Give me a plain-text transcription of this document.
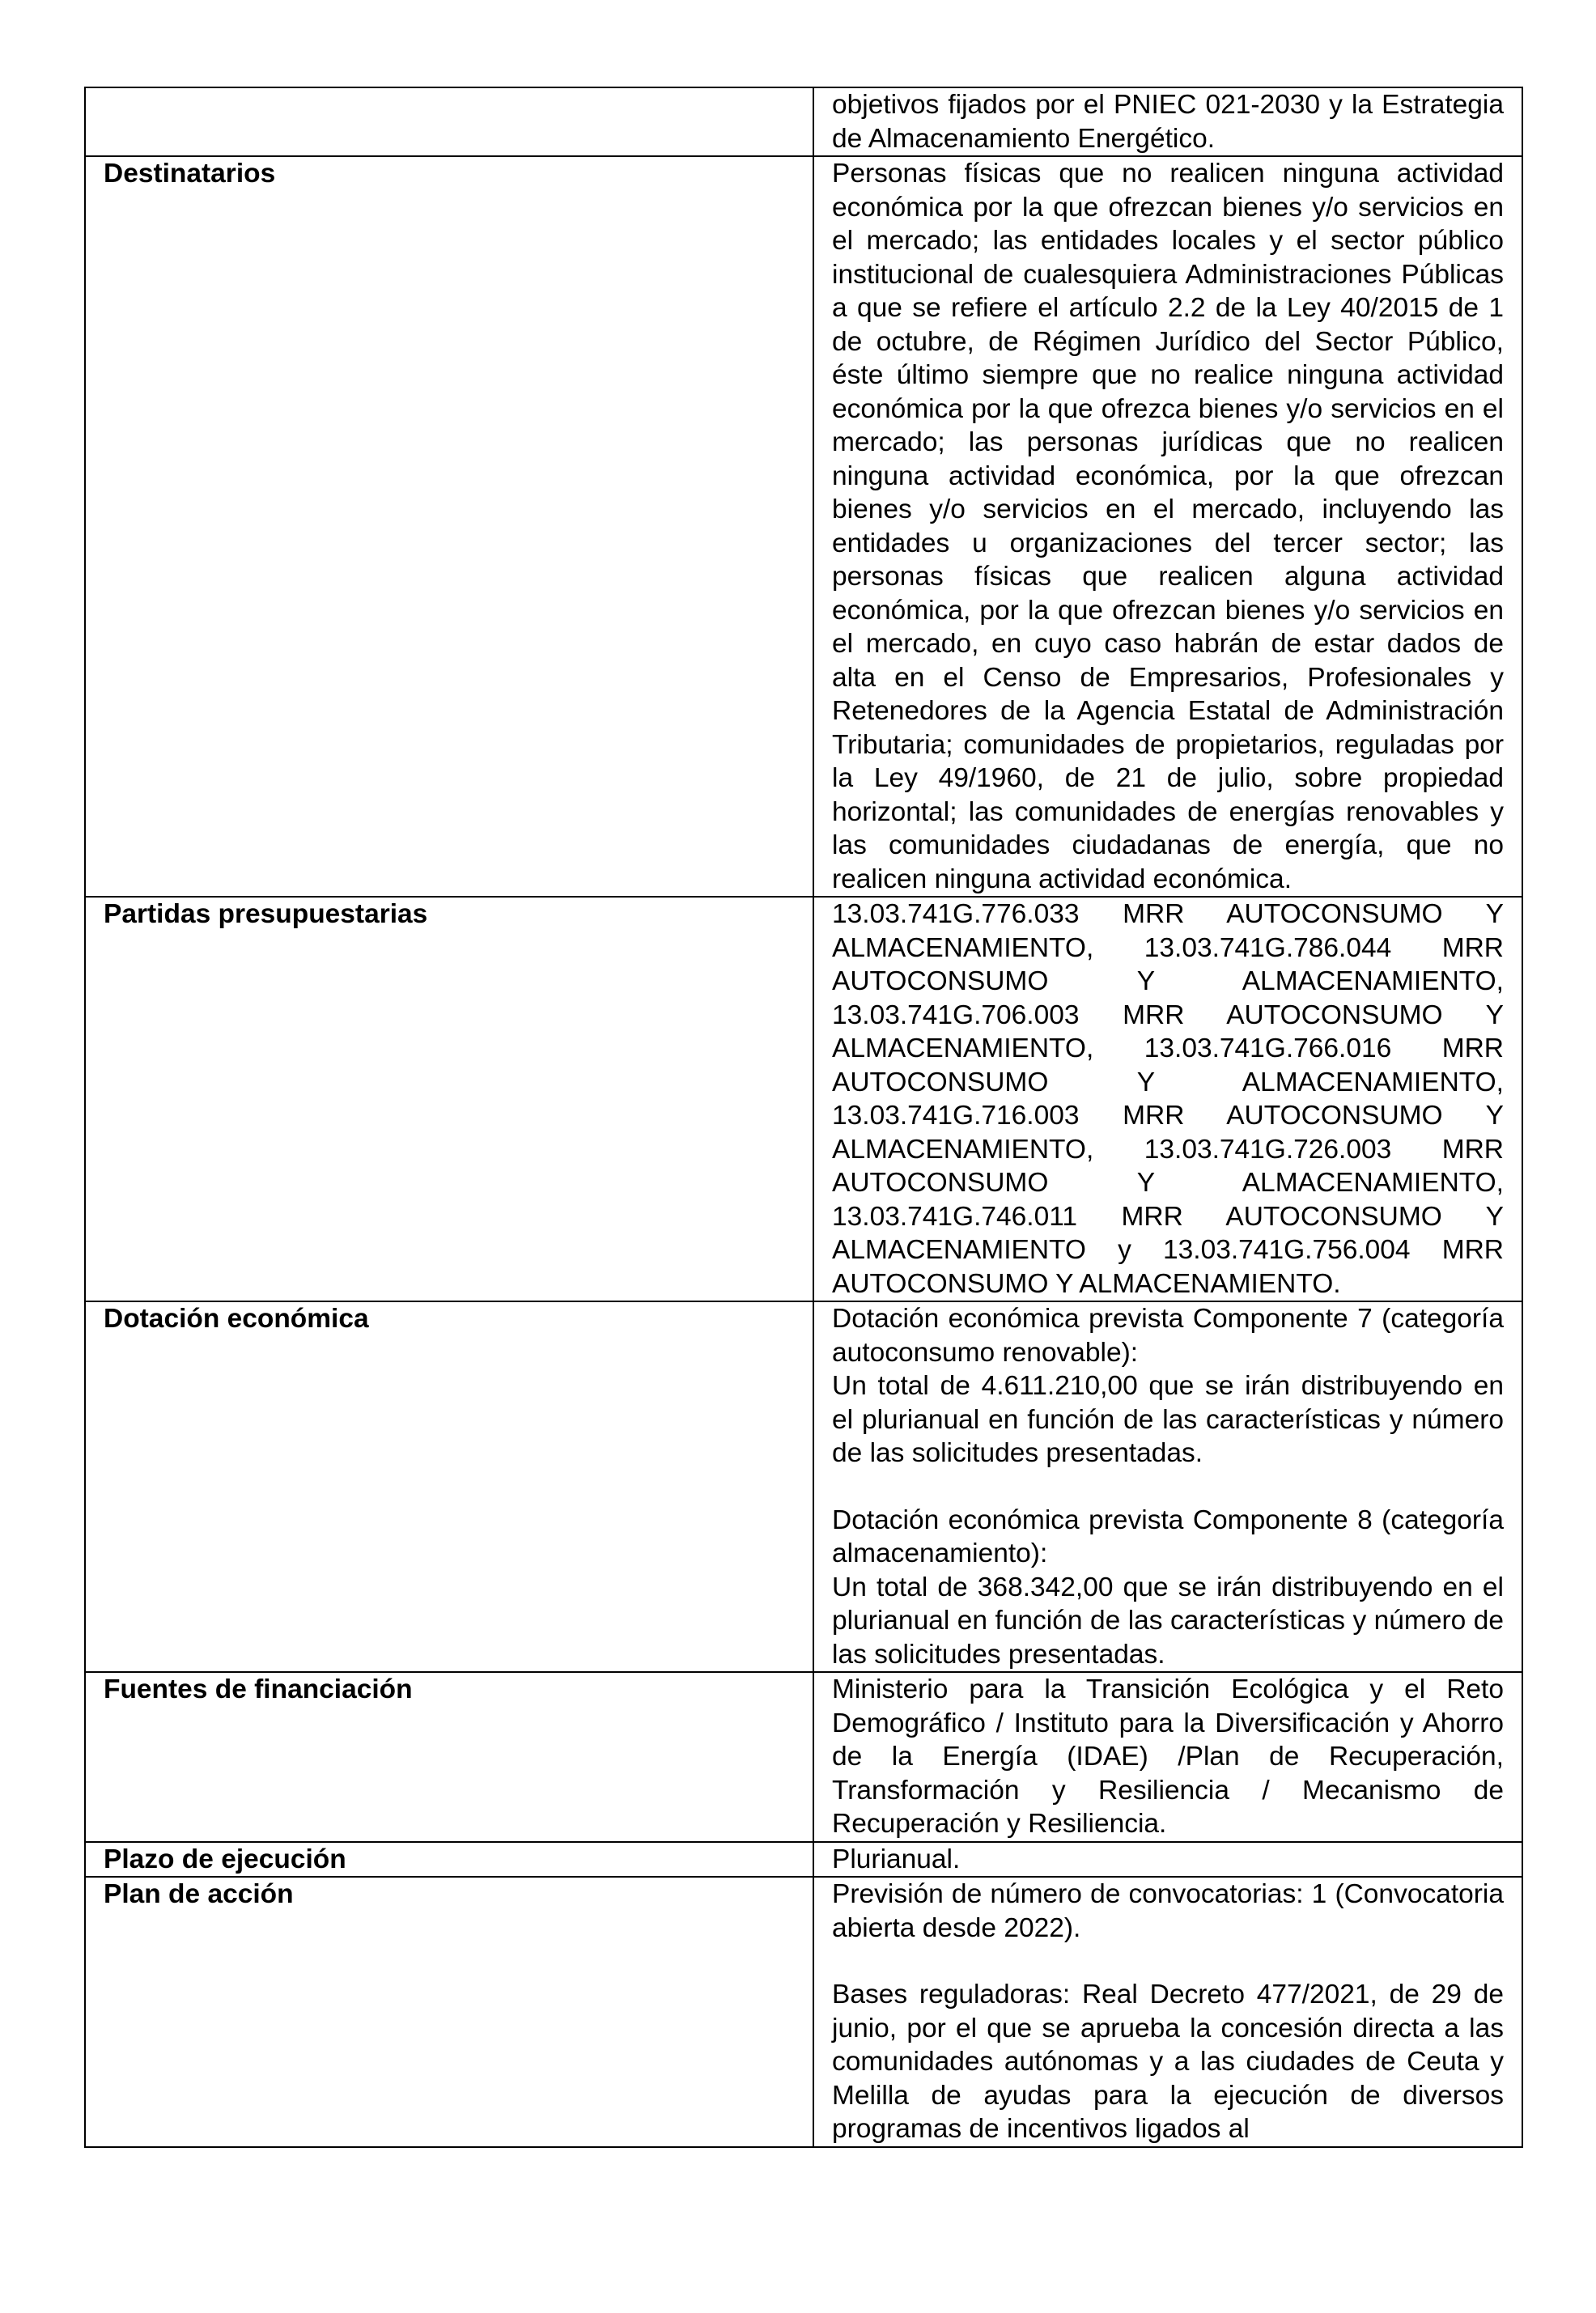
	objetivos fijados por el PNIEC 021-2030 y la Estrategia de Almacenamiento Energético.

Destinatarios	Personas físicas que no realicen ninguna actividad económica por la que ofrezcan bienes y/o servicios en el mercado; las entidades locales y el sector público institucional de cualesquiera Administraciones Públicas a que se refiere el artículo 2.2 de la Ley 40/2015 de 1 de octubre, de Régimen Jurídico del Sector Público, éste último siempre que no realice ninguna actividad económica por la que ofrezca bienes y/o servicios en el mercado; las personas jurídicas que no realicen ninguna actividad económica, por la que ofrezcan bienes y/o servicios en el mercado, incluyendo las entidades u organizaciones del tercer sector; las personas físicas que realicen alguna actividad económica, por la que ofrezcan bienes y/o servicios en el mercado, en cuyo caso habrán de estar dados de alta en el Censo de Empresarios, Profesionales y Retenedores de la Agencia Estatal de Administración Tributaria; comunidades de propietarios, reguladas por la Ley 49/1960, de 21 de julio, sobre propiedad horizontal; las comunidades de energías renovables y las comunidades ciudadanas de energía, que no realicen ninguna actividad económica.

Partidas presupuestarias	13.03.741G.776.033 MRR AUTOCONSUMO Y ALMACENAMIENTO, 13.03.741G.786.044 MRR AUTOCONSUMO Y ALMACENAMIENTO, 13.03.741G.706.003 MRR AUTOCONSUMO Y ALMACENAMIENTO, 13.03.741G.766.016 MRR AUTOCONSUMO Y ALMACENAMIENTO, 13.03.741G.716.003 MRR AUTOCONSUMO Y ALMACENAMIENTO, 13.03.741G.726.003 MRR AUTOCONSUMO Y ALMACENAMIENTO, 13.03.741G.746.011 MRR AUTOCONSUMO Y ALMACENAMIENTO y 13.03.741G.756.004 MRR AUTOCONSUMO Y ALMACENAMIENTO.

Dotación económica	Dotación económica prevista Componente 7 (categoría autoconsumo renovable):

Un total de 4.611.210,00 que se irán distribuyendo en el plurianual en función de las características y número de las solicitudes presentadas.

Dotación económica prevista Componente 8 (categoría almacenamiento):

Un total de 368.342,00 que se irán distribuyendo en el plurianual en función de las características y número de las solicitudes presentadas.

Fuentes de financiación	Ministerio para la Transición Ecológica y el Reto Demográfico / Instituto para la Diversificación y Ahorro de la Energía (IDAE) /Plan de Recuperación, Transformación y Resiliencia / Mecanismo de Recuperación y Resiliencia.

Plazo de ejecución	Plurianual.

Plan de acción	Previsión de número de convocatorias: 1 (Convocatoria abierta desde 2022).

Bases reguladoras: Real Decreto 477/2021, de 29 de junio, por el que se aprueba la concesión directa a las comunidades autónomas y a las ciudades de Ceuta y Melilla de ayudas para la ejecución de diversos programas de incentivos ligados al
